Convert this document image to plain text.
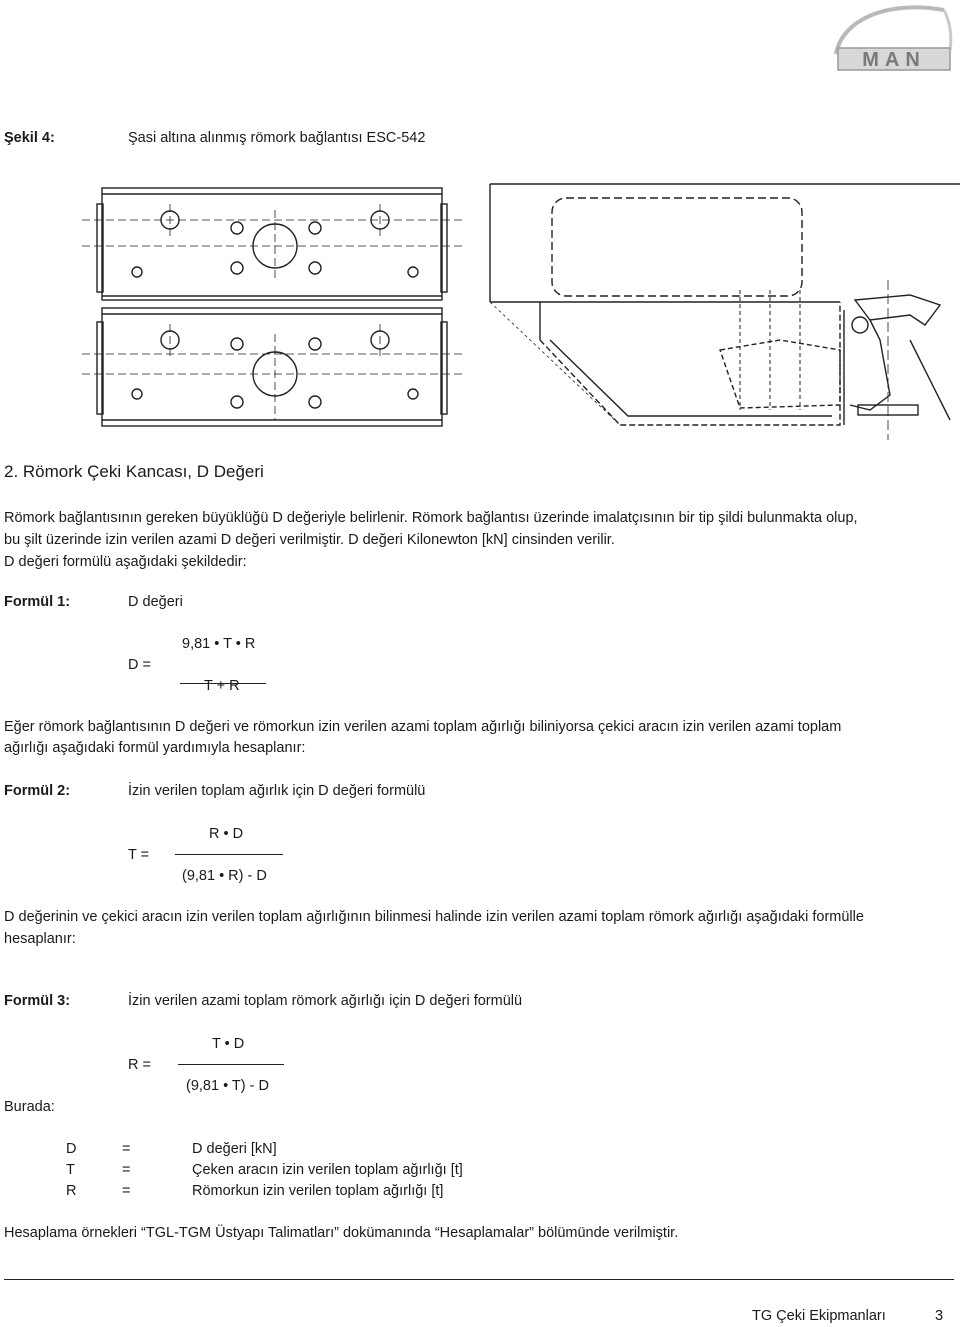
MAN
Şekil 4:	Şasi altına alınmış römork bağlantısı ESC-542
2. Römork Çeki Kancası, D Değeri
Römork bağlantısının gereken büyüklüğü D değeriyle belirlenir. Römork bağlantısı üzerinde imalatçısının bir tip şildi bulunmakta olup,
bu şilt üzerinde izin verilen azami D değeri verilmiştir. D değeri Kilonewton [kN] cinsinden verilir.
D değeri formülü aşağıdaki şekildedir:
Formül 1:	D değeri
9,81 • T • R
D =
T + R
Eğer römork bağlantısının D değeri ve römorkun izin verilen azami toplam ağırlığı biliniyorsa çekici aracın izin verilen azami toplam
ağırlığı aşağıdaki formül yardımıyla hesaplanır:
Formül 2:	İzin verilen toplam ağırlık için D değeri formülü
R • D
T =
(9,81 • R) - D
D değerinin ve çekici aracın izin verilen toplam ağırlığının bilinmesi halinde izin verilen azami toplam römork ağırlığı aşağıdaki formülle
hesaplanır:
Formül 3:	İzin verilen azami toplam römork ağırlığı için D değeri formülü
T • D
R =
(9,81 • T) - D
Burada:
D	=	D değeri [kN]
T	=	Çeken aracın izin verilen toplam ağırlığı [t]
R	=	Römorkun izin verilen toplam ağırlığı [t]
Hesaplama örnekleri “TGL-TGM Üstyapı Talimatları” dokümanında “Hesaplamalar” bölümünde verilmiştir.
TG Çeki Ekipmanları	3
